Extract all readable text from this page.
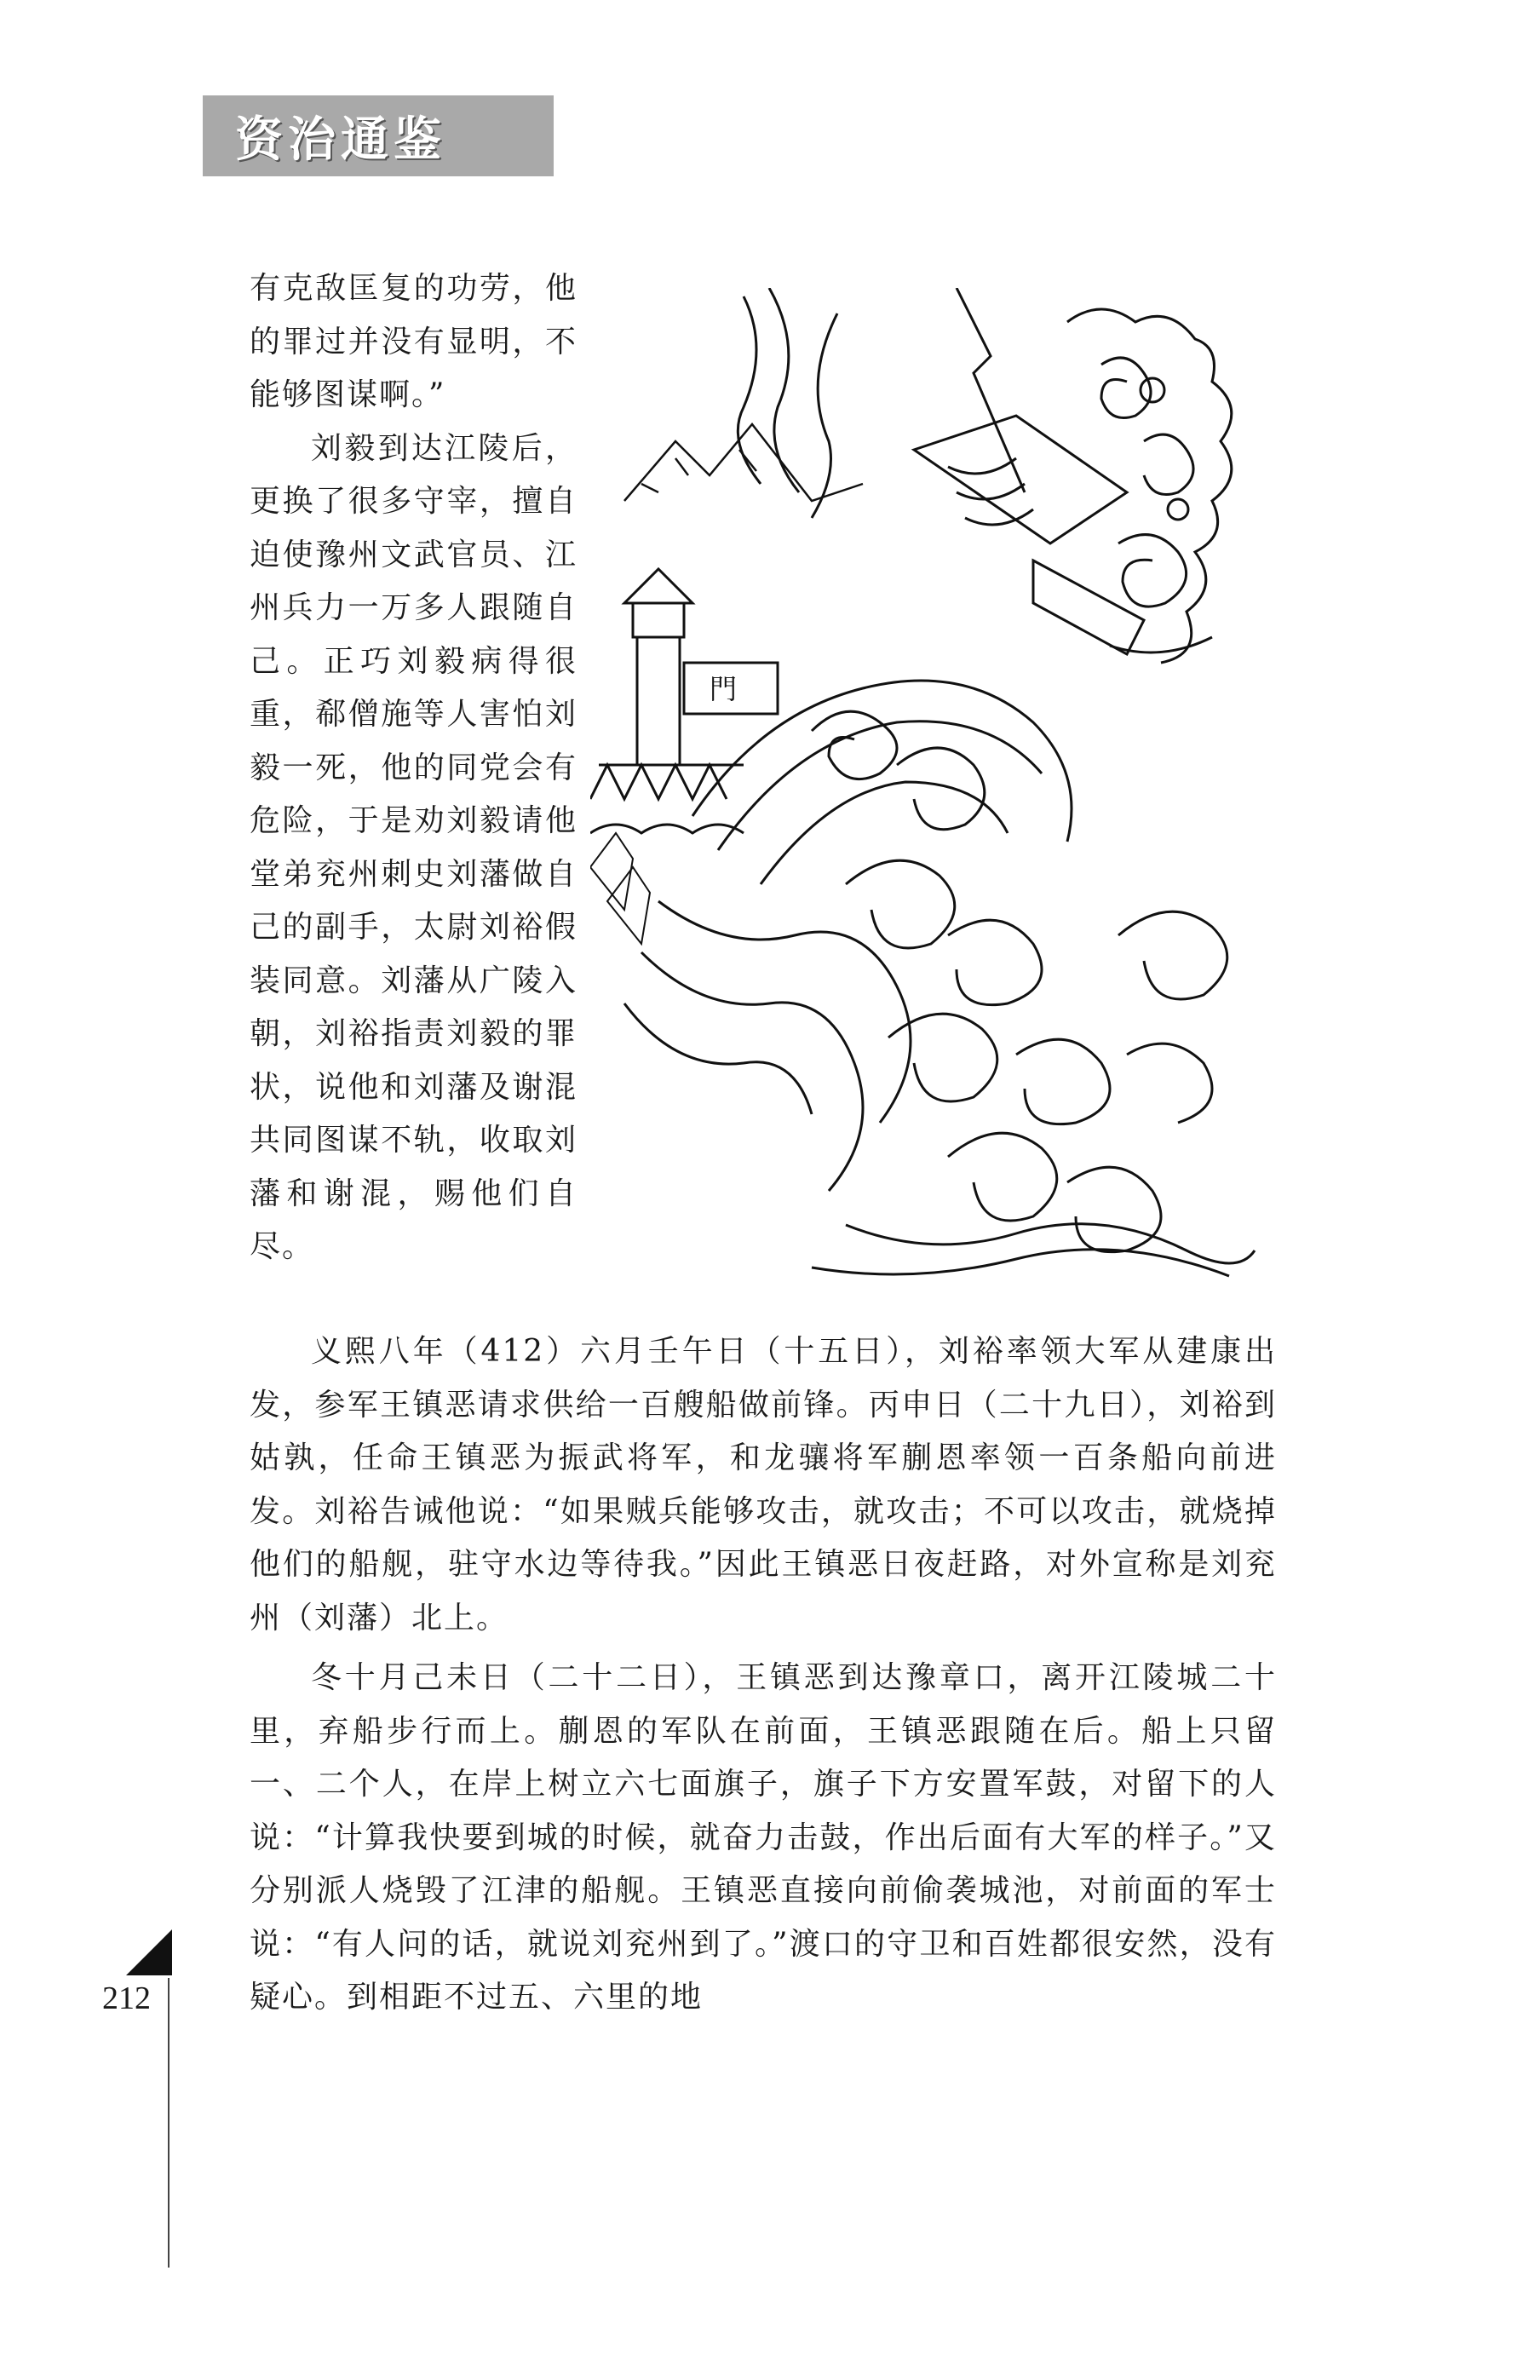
资治通鉴

有克敌匡复的功劳，他的罪过并没有显明，不能够图谋啊。”

刘毅到达江陵后，更换了很多守宰，擅自迫使豫州文武官员、江州兵力一万多人跟随自己。正巧刘毅病得很重，郗僧施等人害怕刘毅一死，他的同党会有危险，于是劝刘毅请他堂弟兖州刺史刘藩做自己的副手，太尉刘裕假装同意。刘藩从广陵入朝，刘裕指责刘毅的罪状，说他和刘藩及谢混共同图谋不轨，收取刘藩和谢混，赐他们自尽。

門

义熙八年（412）六月壬午日（十五日），刘裕率领大军从建康出发，参军王镇恶请求供给一百艘船做前锋。丙申日（二十九日），刘裕到姑孰，任命王镇恶为振武将军，和龙骧将军蒯恩率领一百条船向前进发。刘裕告诫他说：“如果贼兵能够攻击，就攻击；不可以攻击，就烧掉他们的船舰，驻守水边等待我。”因此王镇恶日夜赶路，对外宣称是刘兖州（刘藩）北上。

冬十月己未日（二十二日），王镇恶到达豫章口，离开江陵城二十里，弃船步行而上。蒯恩的军队在前面，王镇恶跟随在后。船上只留一、二个人，在岸上树立六七面旗子，旗子下方安置军鼓，对留下的人说：“计算我快要到城的时候，就奋力击鼓，作出后面有大军的样子。”又分别派人烧毁了江津的船舰。王镇恶直接向前偷袭城池，对前面的军士说：“有人问的话，就说刘兖州到了。”渡口的守卫和百姓都很安然，没有疑心。到相距不过五、六里的地

212
